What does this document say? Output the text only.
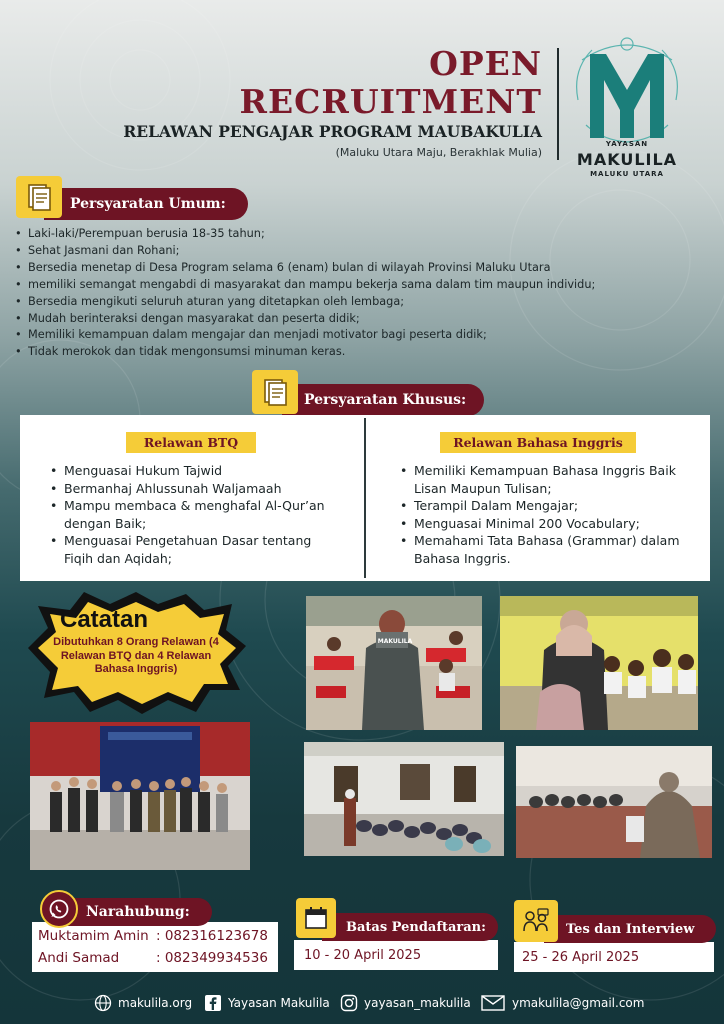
OPEN
RECRUITMENT
RELAWAN PENGAJAR PROGRAM MAUBAKULIA
(Maluku Utara Maju, Berakhlak Mulia)
YAYASAN
MAKULILA
MALUKU UTARA
Persyaratan Umum:
• Laki-laki/Perempuan berusia 18-35 tahun;
• Sehat Jasmani dan Rohani;
• Bersedia menetap di Desa Program selama 6 (enam) bulan di wilayah Provinsi Maluku Utara
• memiliki semangat mengabdi di masyarakat dan mampu bekerja sama dalam tim maupun individu;
• Bersedia mengikuti seluruh aturan yang ditetapkan oleh lembaga;
• Mudah berinteraksi dengan masyarakat dan peserta didik;
• Memiliki kemampuan dalam mengajar dan menjadi motivator bagi peserta didik;
• Tidak merokok dan tidak mengonsumsi minuman keras.
Persyaratan Khusus:
Relawan BTQ
• Menguasai Hukum Tajwid
• Bermanhaj Ahlussunah Waljamaah
• Mampu membaca & menghafal Al-Qur’an dengan Baik;
• Menguasai Pengetahuan Dasar tentang Fiqih dan Aqidah;
Relawan Bahasa Inggris
• Memiliki Kemampuan Bahasa Inggris Baik Lisan Maupun Tulisan;
• Terampil Dalam Mengajar;
• Menguasai Minimal 200 Vocabulary;
• Memahami Tata Bahasa (Grammar) dalam Bahasa Inggris.
Catatan
Dibutuhkan 8 Orang Relawan (4 Relawan BTQ dan 4 Relawan Bahasa Inggris)
MAKULILA
Narahubung:
Muktamim Amin : 082316123678
Andi Samad	: 082349934536
Batas Pendaftaran:
10 - 20 April 2025
Tes dan Interview
25 - 26 April 2025
makulila.org	Yayasan Makulila	yayasan_makulila	ymakulila@gmail.com
